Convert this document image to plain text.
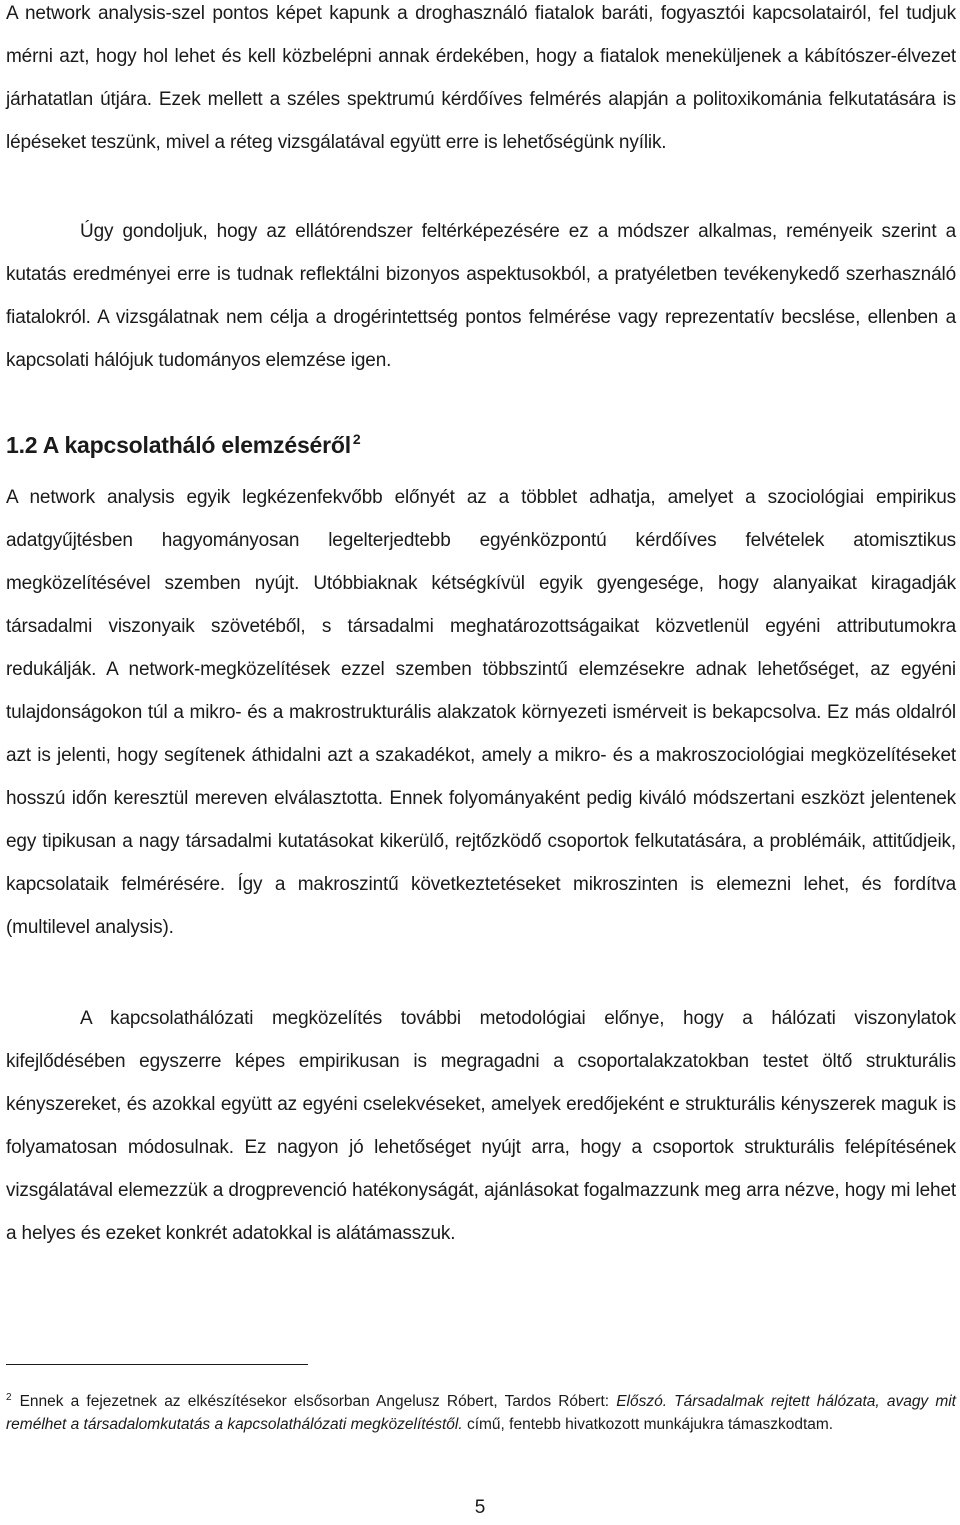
A network analysis-szel pontos képet kapunk a droghasználó fiatalok baráti, fogyasztói kapcsolatairól, fel tudjuk mérni azt, hogy hol lehet és kell közbelépni annak érdekében, hogy a fiatalok meneküljenek a kábítószer-élvezet járhatatlan útjára. Ezek mellett a széles spektrumú kérdőíves felmérés alapján a politoxikománia felkutatására is lépéseket teszünk, mivel a réteg vizsgálatával együtt erre is lehetőségünk nyílik.

Úgy gondoljuk, hogy az ellátórendszer feltérképezésére ez a módszer alkalmas, reményeik szerint a kutatás eredményei erre is tudnak reflektálni bizonyos aspektusokból, a pratyéletben tevékenykedő szerhasználó fiatalokról. A vizsgálatnak nem célja a drogérintettség pontos felmérése vagy reprezentatív becslése, ellenben a kapcsolati hálójuk tudományos elemzése igen.

1.2 A kapcsolatháló elemzéséről $^2$

A network analysis egyik legkézenfekvőbb előnyét az a többlet adhatja, amelyet a szociológiai empirikus adatgyűjtésben hagyományosan legelterjedtebb egyénközpontú kérdőíves felvételek atomisztikus megközelítésével szemben nyújt. Utóbbiaknak kétségkívül egyik gyengesége, hogy alanyaikat kiragadják társadalmi viszonyaik szövetéből, s társadalmi meghatározottságaikat közvetlenül egyéni attributumokra redukálják. A network-megközelítések ezzel szemben többszintű elemzésekre adnak lehetőséget, az egyéni tulajdonságokon túl a mikro- és a makrostrukturális alakzatok környezeti ismérveit is bekapcsolva. Ez más oldalról azt is jelenti, hogy segítenek áthidalni azt a szakadékot, amely a mikro- és a makroszociológiai megközelítéseket hosszú időn keresztül mereven elválasztotta. Ennek folyományaként pedig kiváló módszertani eszközt jelentenek egy tipikusan a nagy társadalmi kutatásokat kikerülő, rejtőzködő csoportok felkutatására, a problémáik, attitűdjeik, kapcsolataik felmérésére. Így a makroszintű következtetéseket mikroszinten is elemezni lehet, és fordítva (multilevel analysis).

A kapcsolathálózati megközelítés további metodológiai előnye, hogy a hálózati viszonylatok kifejlődésében egyszerre képes empirikusan is megragadni a csoportalakzatokban testet öltő strukturális kényszereket, és azokkal együtt az egyéni cselekvéseket, amelyek eredőjeként e strukturális kényszerek maguk is folyamatosan módosulnak. Ez nagyon jó lehetőséget nyújt arra, hogy a csoportok strukturális felépítésének vizsgálatával elemezzük a drogprevenció hatékonyságát, ajánlásokat fogalmazzunk meg arra nézve, hogy mi lehet a helyes és ezeket konkrét adatokkal is alátámasszuk.

$^2$ Ennek a fejezetnek az elkészítésekor elsősorban Angelusz Róbert, Tardos Róbert: Előszó. Társadalmak rejtett hálózata, avagy mit remélhet a társadalomkutatás a kapcsolathálózati megközelítéstől. című, fentebb hivatkozott munkájukra támaszkodtam.

5
